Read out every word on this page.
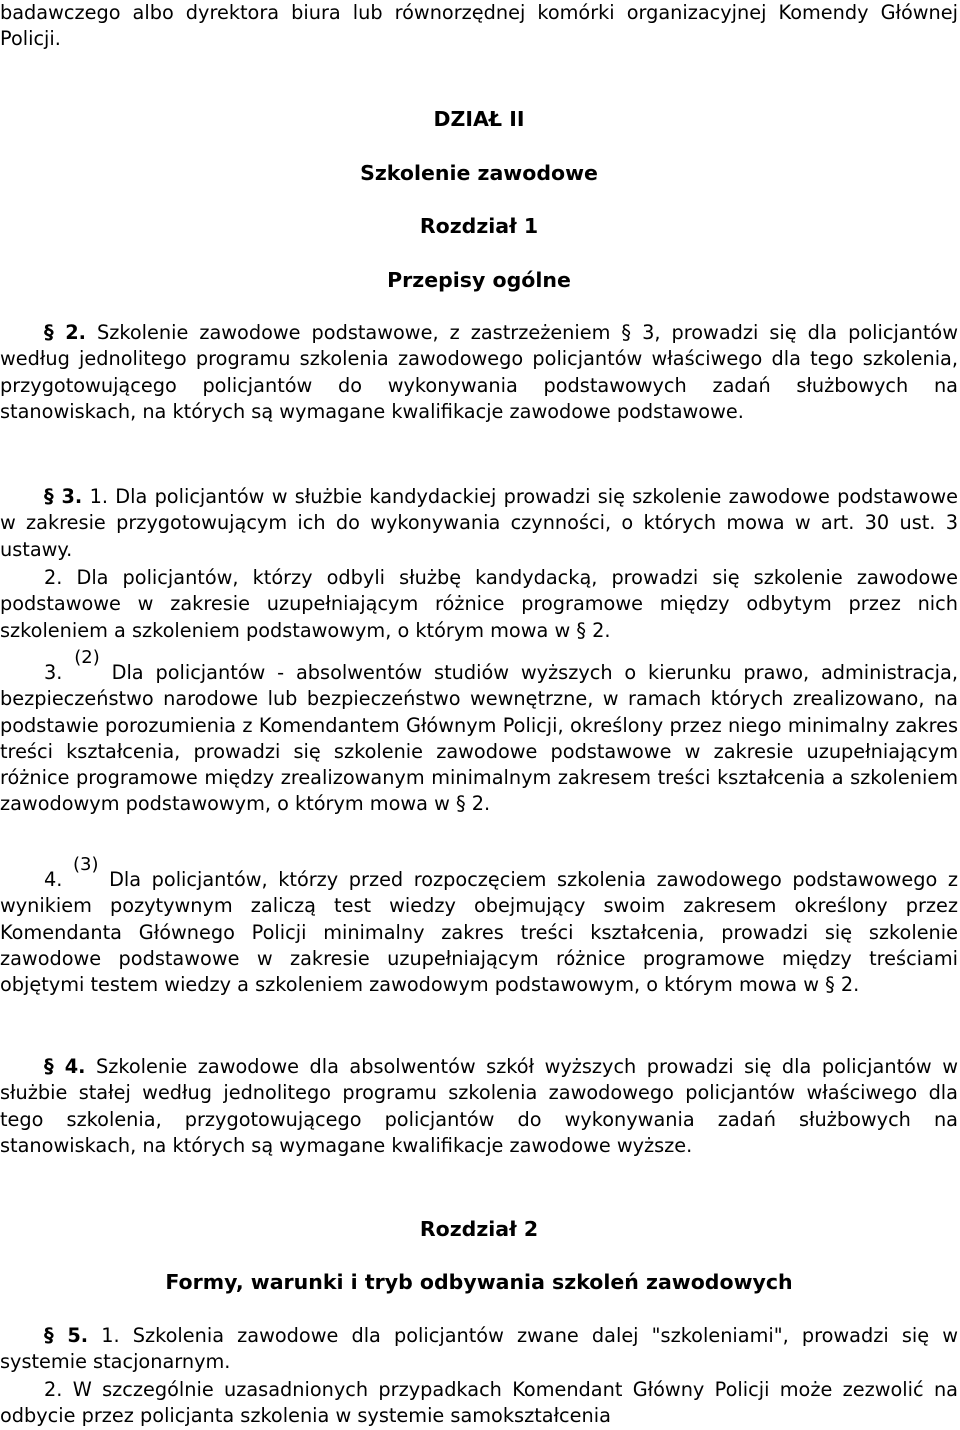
badawczego albo dyrektora biura lub równorzędnej komórki organizacyjnej Komendy Głównej Policji.

DZIAŁ II

Szkolenie zawodowe

Rozdział 1

Przepisy ogólne

§ 2. Szkolenie zawodowe podstawowe, z zastrzeżeniem § 3, prowadzi się dla policjantów według jednolitego programu szkolenia zawodowego policjantów właściwego dla tego szkolenia, przygotowującego policjantów do wykonywania podstawowych zadań służbowych na stanowiskach, na których są wymagane kwalifikacje zawodowe podstawowe.

§ 3. 1. Dla policjantów w służbie kandydackiej prowadzi się szkolenie zawodowe podstawowe w zakresie przygotowującym ich do wykonywania czynności, o których mowa w art. 30 ust. 3 ustawy.

2. Dla policjantów, którzy odbyli służbę kandydacką, prowadzi się szkolenie zawodowe podstawowe w zakresie uzupełniającym różnice programowe między odbytym przez nich szkoleniem a szkoleniem podstawowym, o którym mowa w § 2.

3. $^{(2)}$ Dla policjantów - absolwentów studiów wyższych o kierunku prawo, administracja, bezpieczeństwo narodowe lub bezpieczeństwo wewnętrzne, w ramach których zrealizowano, na podstawie porozumienia z Komendantem Głównym Policji, określony przez niego minimalny zakres treści kształcenia, prowadzi się szkolenie zawodowe podstawowe w zakresie uzupełniającym różnice programowe między zrealizowanym minimalnym zakresem treści kształcenia a szkoleniem zawodowym podstawowym, o którym mowa w § 2.

4. $^{(3)}$ Dla policjantów, którzy przed rozpoczęciem szkolenia zawodowego podstawowego z wynikiem pozytywnym zaliczą test wiedzy obejmujący swoim zakresem określony przez Komendanta Głównego Policji minimalny zakres treści kształcenia, prowadzi się szkolenie zawodowe podstawowe w zakresie uzupełniającym różnice programowe między treściami objętymi testem wiedzy a szkoleniem zawodowym podstawowym, o którym mowa w § 2.

§ 4. Szkolenie zawodowe dla absolwentów szkół wyższych prowadzi się dla policjantów w służbie stałej według jednolitego programu szkolenia zawodowego policjantów właściwego dla tego szkolenia, przygotowującego policjantów do wykonywania zadań służbowych na stanowiskach, na których są wymagane kwalifikacje zawodowe wyższe.

Rozdział 2

Formy, warunki i tryb odbywania szkoleń zawodowych

§ 5. 1. Szkolenia zawodowe dla policjantów zwane dalej "szkoleniami", prowadzi się w systemie stacjonarnym.

2. W szczególnie uzasadnionych przypadkach Komendant Główny Policji może zezwolić na odbycie przez policjanta szkolenia w systemie samokształcenia
